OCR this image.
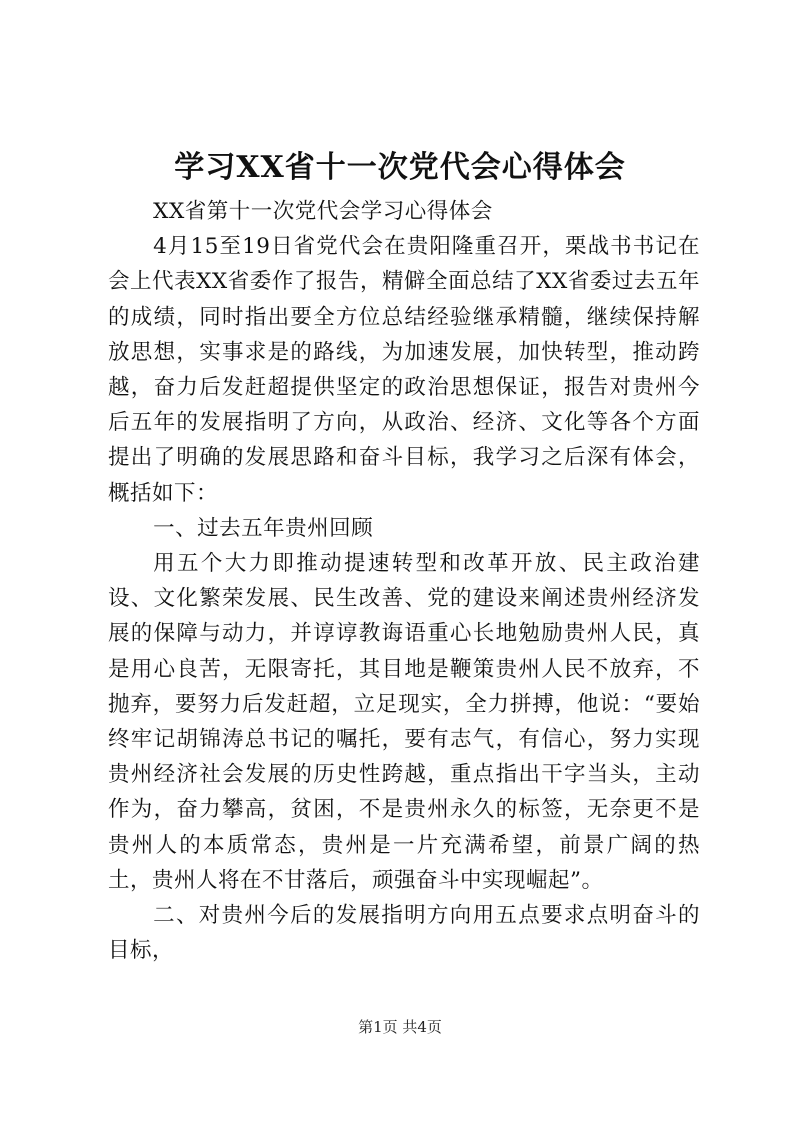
学习XX省十一次党代会心得体会

XX省第十一次党代会学习心得体会

4月15至19日省党代会在贵阳隆重召开，栗战书书记在会上代表XX省委作了报告，精僻全面总结了XX省委过去五年的成绩，同时指出要全方位总结经验继承精髓，继续保持解放思想，实事求是的路线，为加速发展，加快转型，推动跨越，奋力后发赶超提供坚定的政治思想保证，报告对贵州今后五年的发展指明了方向，从政治、经济、文化等各个方面提出了明确的发展思路和奋斗目标，我学习之后深有体会，概括如下：

一、过去五年贵州回顾

用五个大力即推动提速转型和改革开放、民主政治建设、文化繁荣发展、民生改善、党的建设来阐述贵州经济发展的保障与动力，并谆谆教诲语重心长地勉励贵州人民，真是用心良苦，无限寄托，其目地是鞭策贵州人民不放弃，不抛弃，要努力后发赶超，立足现实，全力拼搏，他说：“要始终牢记胡锦涛总书记的嘱托，要有志气，有信心，努力实现贵州经济社会发展的历史性跨越，重点指出干字当头，主动作为，奋力攀高，贫困，不是贵州永久的标签，无奈更不是贵州人的本质常态，贵州是一片充满希望，前景广阔的热土，贵州人将在不甘落后，顽强奋斗中实现崛起”。

二、对贵州今后的发展指明方向用五点要求点明奋斗的目标，

第1页 共4页
